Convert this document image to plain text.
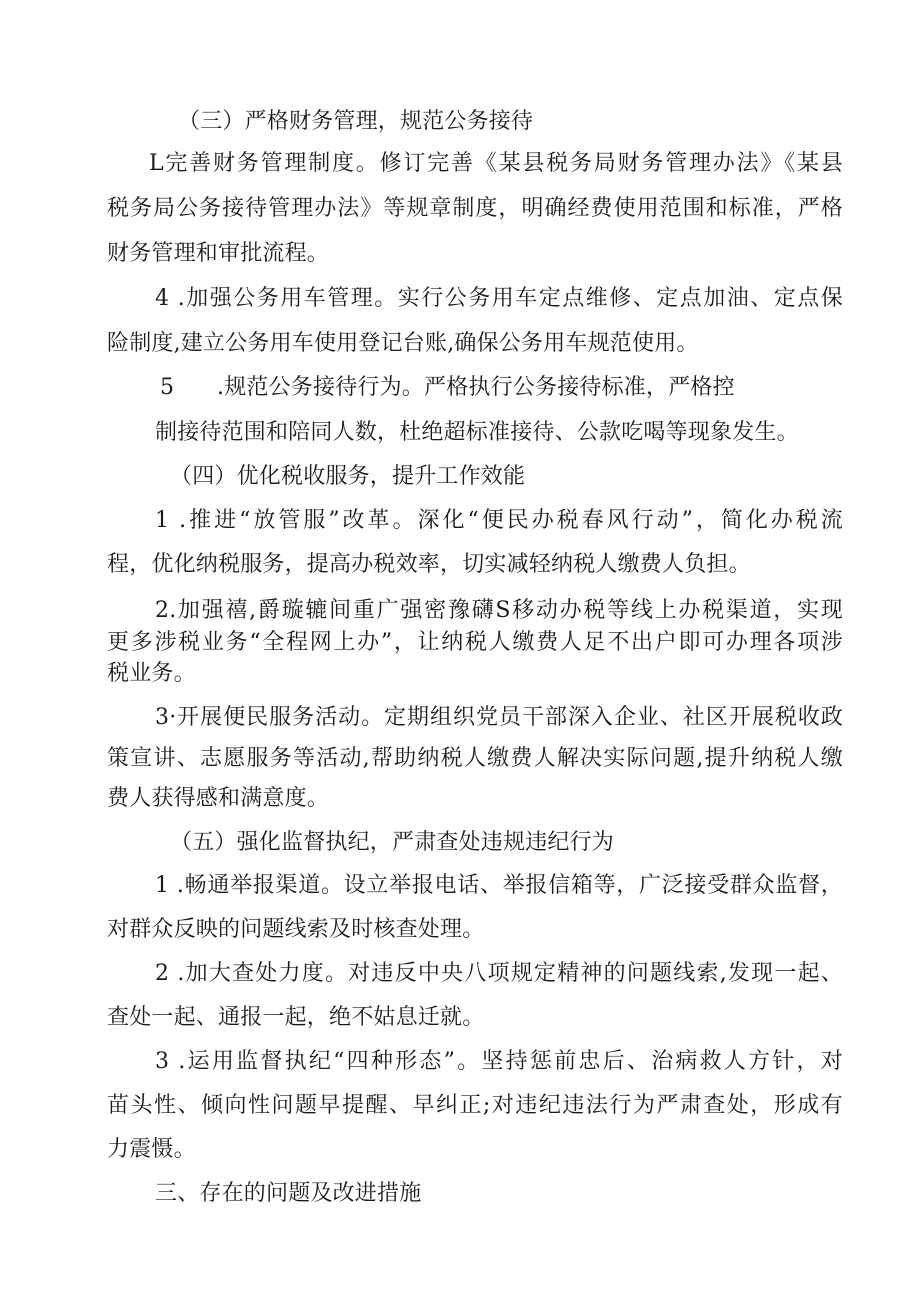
（三）严格财务管理，规范公务接待
L完善财务管理制度。修订完善《某县税务局财务管理办法》《某县
税务局公务接待管理办法》等规章制度，明确经费使用范围和标准，严格
财务管理和审批流程。
4 .加强公务用车管理。实行公务用车定点维修、定点加油、定点保
险制度,建立公务用车使用登记台账,确保公务用车规范使用。
5 .规范公务接待行为。严格执行公务接待标准，严格控
制接待范围和陪同人数，杜绝超标准接待、公款吃喝等现象发生。
（四）优化税收服务，提升工作效能
1 .推进“放管服”改革。深化“便民办税春风行动”，简化办税流
程，优化纳税服务，提高办税效率，切实减轻纳税人缴费人负担。
2.加强禧,爵璇辘间重广强密豫礴S移动办税等线上办税渠道，实现
更多涉税业务“全程网上办”，让纳税人缴费人足不出户即可办理各项涉
税业务。
3·开展便民服务活动。定期组织党员干部深入企业、社区开展税收政
策宣讲、志愿服务等活动,帮助纳税人缴费人解决实际问题,提升纳税人缴
费人获得感和满意度。
（五）强化监督执纪，严肃查处违规违纪行为
1 .畅通举报渠道。设立举报电话、举报信箱等，广泛接受群众监督，
对群众反映的问题线索及时核查处理。
2 .加大查处力度。对违反中央八项规定精神的问题线索,发现一起、
查处一起、通报一起，绝不姑息迁就。
3 .运用监督执纪“四种形态”。坚持惩前忠后、治病救人方针，对
苗头性、倾向性问题早提醒、早纠正;对违纪违法行为严肃查处，形成有
力震慑。
三、存在的问题及改进措施
